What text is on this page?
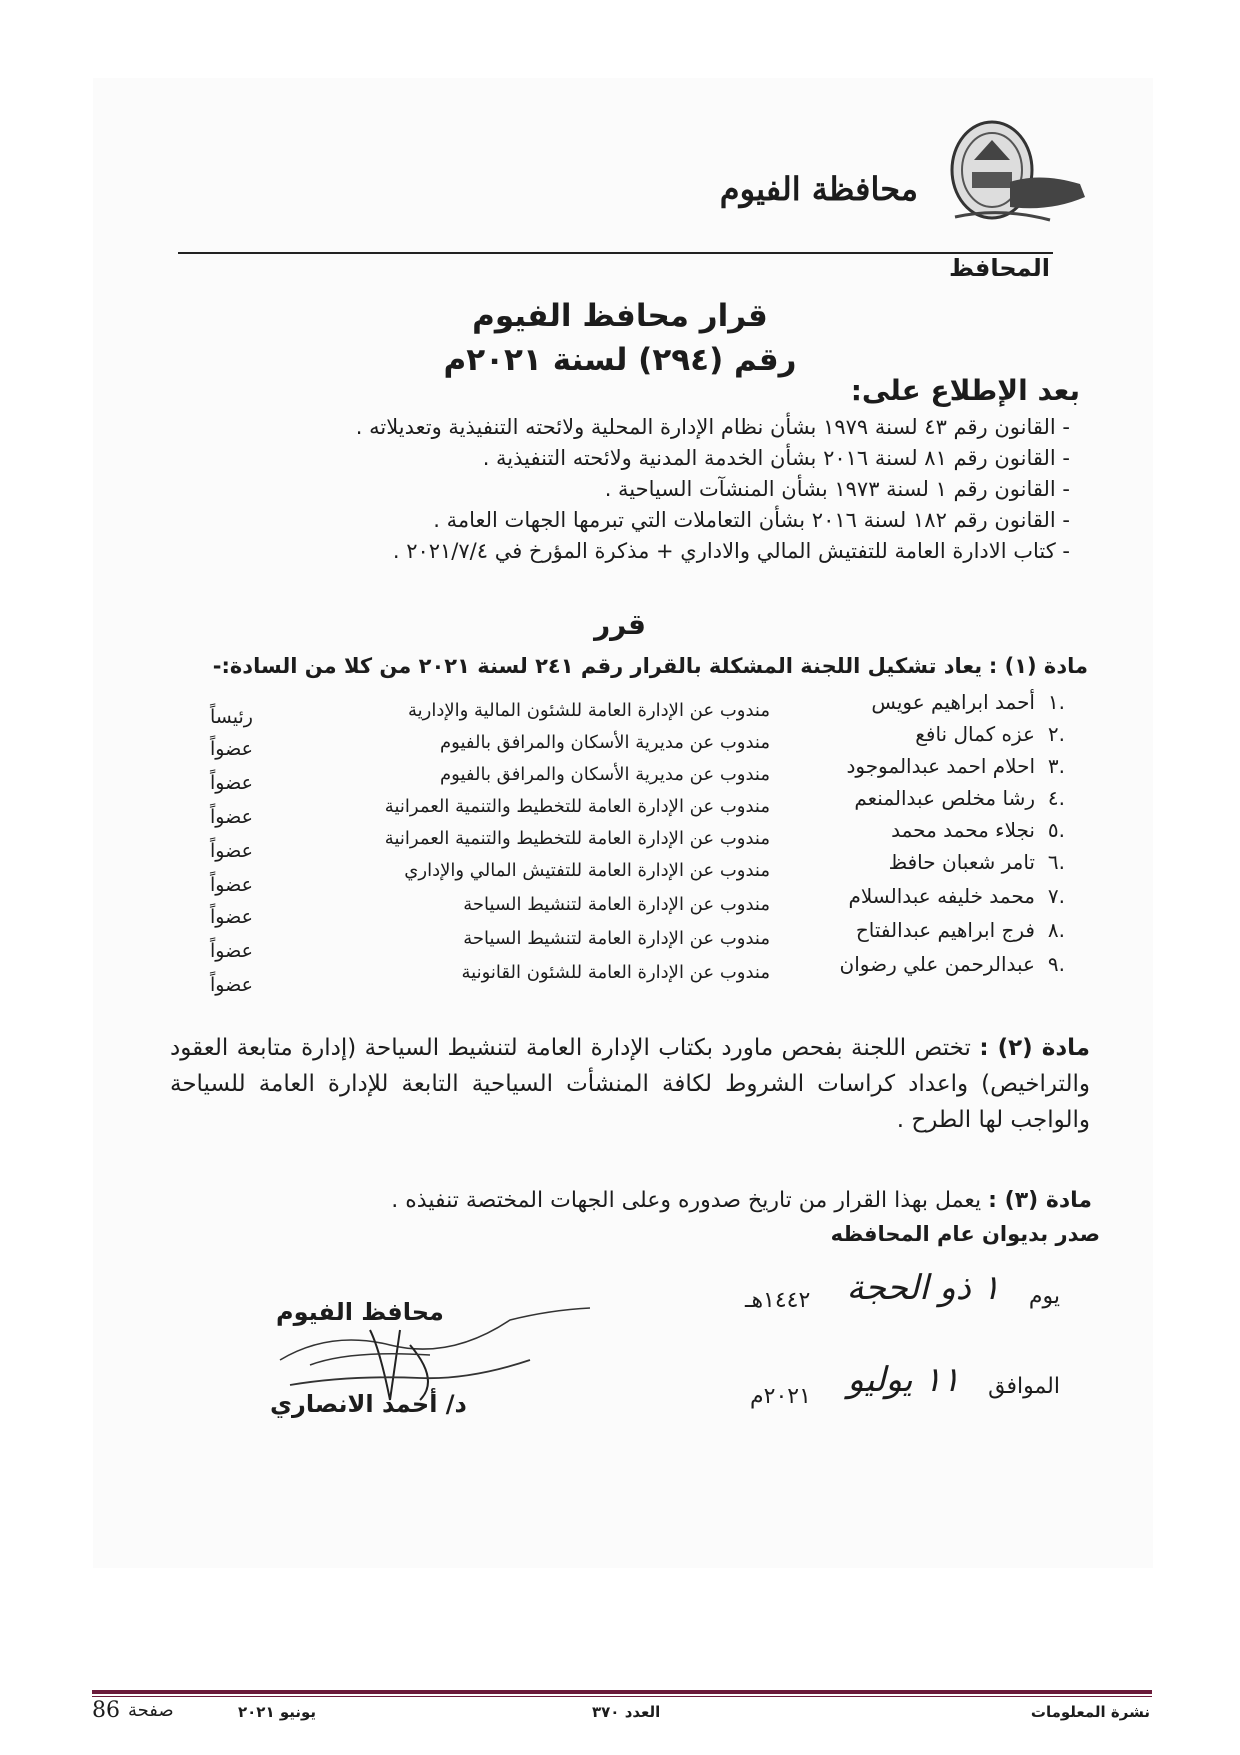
محافظة الفيوم
المحافظ
قرار محافظ الفيوم
رقم (٢٩٤) لسنة ٢٠٢١م
بعد الإطلاع على:
- القانون رقم ٤٣ لسنة ١٩٧٩ بشأن نظام الإدارة المحلية ولائحته التنفيذية وتعديلاته .
- القانون رقم ٨١ لسنة ٢٠١٦ بشأن الخدمة المدنية ولائحته التنفيذية .
- القانون رقم ١ لسنة ١٩٧٣ بشأن المنشآت السياحية .
- القانون رقم ١٨٢ لسنة ٢٠١٦ بشأن التعاملات التي تبرمها الجهات العامة .
- كتاب الادارة العامة للتفتيش المالي والاداري + مذكرة المؤرخ في ٢٠٢١/٧/٤ .
قرر
مادة (١) : يعاد تشكيل اللجنة المشكلة بالقرار رقم ٢٤١ لسنة ٢٠٢١ من كلا من السادة:-
١.
أحمد ابراهيم عويس
مندوب عن الإدارة العامة للشئون المالية والإدارية
رئيساً
٢.
عزه كمال نافع
مندوب عن مديرية الأسكان والمرافق بالفيوم
عضواً
٣.
احلام احمد عبدالموجود
مندوب عن مديرية الأسكان والمرافق بالفيوم
عضواً
٤.
رشا مخلص عبدالمنعم
مندوب عن الإدارة العامة للتخطيط والتنمية العمرانية
عضواً
٥.
نجلاء محمد محمد
مندوب عن الإدارة العامة للتخطيط والتنمية العمرانية
عضواً	٦.
تامر شعبان حافظ
مندوب عن الإدارة العامة للتفتيش المالي والإداري
عضواً	٧.
محمد خليفه عبدالسلام
مندوب عن الإدارة العامة لتنشيط السياحة
عضواً
٨.
فرج ابراهيم عبدالفتاح
مندوب عن الإدارة العامة لتنشيط السياحة
عضواً
٩.
عبدالرحمن علي رضوان
مندوب عن الإدارة العامة للشئون القانونية
عضواً
مادة (٢) : تختص اللجنة بفحص ماورد بكتاب الإدارة العامة لتنشيط السياحة (إدارة متابعة العقود والتراخيص) واعداد كراسات الشروط لكافة المنشأت السياحية التابعة للإدارة العامة للسياحة والواجب لها الطرح .
مادة (٣) : يعمل بهذا القرار من تاريخ صدوره وعلى الجهات المختصة تنفيذه .
صدر بديوان عام المحافظه
يوم
١ ذو الحجة
١٤٤٢هـ
الموافق
١١ يوليو
٢٠٢١م
محافظ الفيوم
د/ أحمد الانصاري
نشرة المعلومات
العدد ٣٧٠
يونيو ٢٠٢١
صفحة
86
